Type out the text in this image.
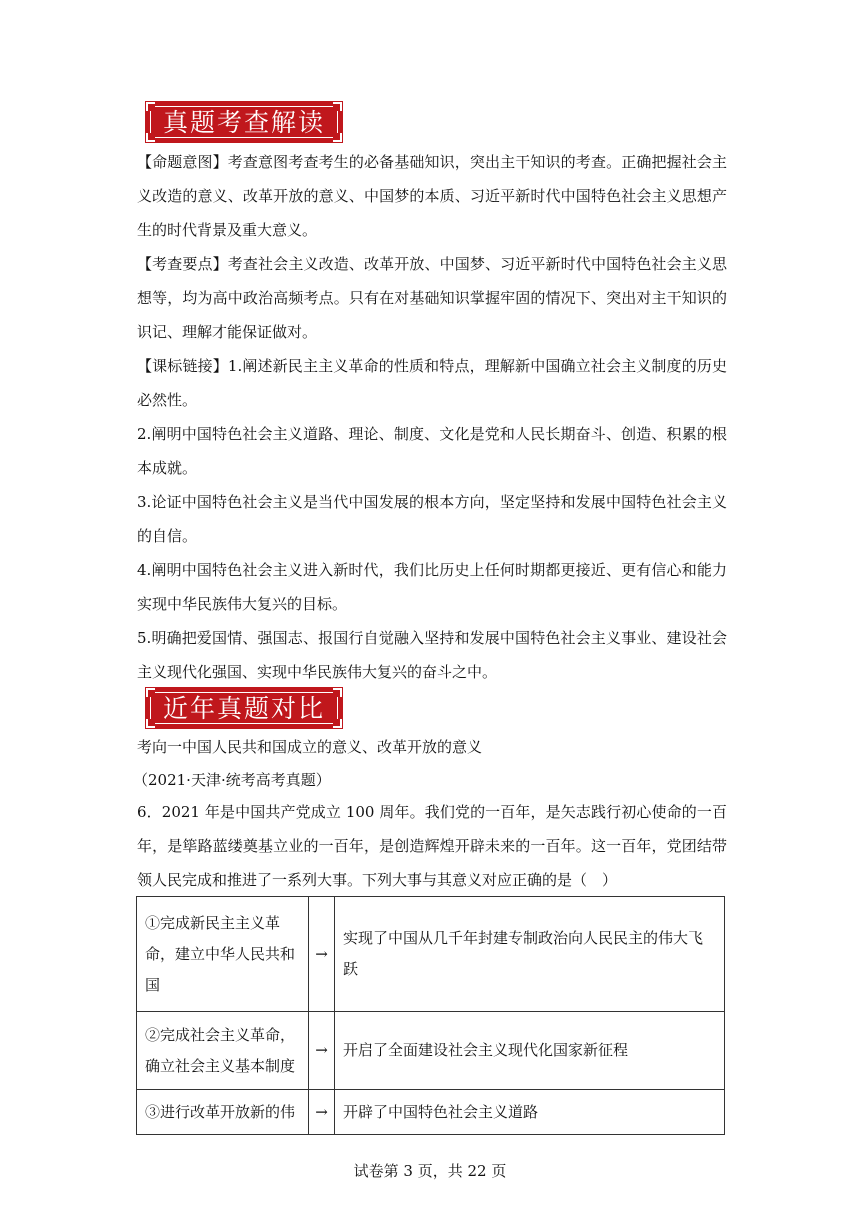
真题考查解读
【命题意图】考查意图考查考生的必备基础知识，突出主干知识的考查。正确把握社会主义改造的意义、改革开放的意义、中国梦的本质、习近平新时代中国特色社会主义思想产生的时代背景及重大意义。
【考查要点】考查社会主义改造、改革开放、中国梦、习近平新时代中国特色社会主义思想等，均为高中政治高频考点。只有在对基础知识掌握牢固的情况下、突出对主干知识的识记、理解才能保证做对。
【课标链接】1.阐述新民主主义革命的性质和特点，理解新中国确立社会主义制度的历史必然性。
2.阐明中国特色社会主义道路、理论、制度、文化是党和人民长期奋斗、创造、积累的根本成就。
3.论证中国特色社会主义是当代中国发展的根本方向，坚定坚持和发展中国特色社会主义的自信。
4.阐明中国特色社会主义进入新时代，我们比历史上任何时期都更接近、更有信心和能力实现中华民族伟大复兴的目标。
5.明确把爱国情、强国志、报国行自觉融入坚持和发展中国特色社会主义事业、建设社会主义现代化强国、实现中华民族伟大复兴的奋斗之中。
近年真题对比
考向一中国人民共和国成立的意义、改革开放的意义
（2021·天津·统考高考真题）
6．2021 年是中国共产党成立 100 周年。我们党的一百年，是矢志践行初心使命的一百年，是筚路蓝缕奠基立业的一百年，是创造辉煌开辟未来的一百年。这一百年，党团结带领人民完成和推进了一系列大事。下列大事与其意义对应正确的是（　）
①完成新民主主义革命，建立中华人民共和国	→	实现了中国从几千年封建专制政治向人民民主的伟大飞跃
②完成社会主义革命，确立社会主义基本制度	→	开启了全面建设社会主义现代化国家新征程
③进行改革开放新的伟	→	开辟了中国特色社会主义道路
试卷第 3 页，共 22 页
